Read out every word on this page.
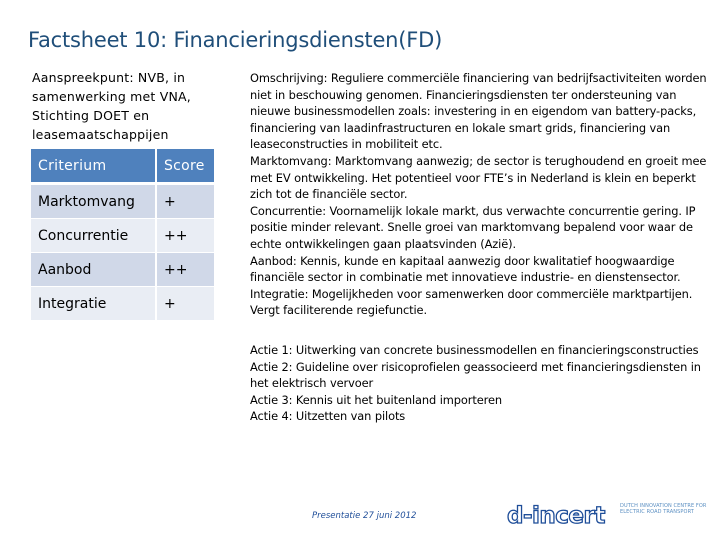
Factsheet 10: Financieringsdiensten(FD)
Aanspreekpunt: NVB, in samenwerking met VNA, Stichting DOET en leasemaatschappijen
Criterium	Score
Marktomvang	+
Concurrentie	++
Aanbod	++
Integratie	+
Omschrijving: Reguliere commerciële financiering van bedrijfsactiviteiten worden niet in beschouwing genomen. Financieringsdiensten ter ondersteuning van nieuwe businessmodellen zoals: investering in en eigendom van battery-packs, financiering van laadinfrastructuren en lokale smart grids, financiering van leaseconstructies in mobiliteit etc.
Marktomvang: Marktomvang aanwezig; de sector is terughoudend en groeit mee met EV ontwikkeling. Het potentieel voor FTE’s in Nederland is klein en beperkt zich tot de financiële sector.
Concurrentie: Voornamelijk lokale markt, dus verwachte concurrentie gering. IP positie minder relevant. Snelle groei van marktomvang bepalend voor waar de echte ontwikkelingen gaan plaatsvinden (Azië).
Aanbod: Kennis, kunde en kapitaal aanwezig door kwalitatief hoogwaardige financiële sector in combinatie met innovatieve industrie- en dienstensector.
Integratie: Mogelijkheden voor samenwerken door commerciële marktpartijen. Vergt faciliterende regiefunctie.
Actie 1: Uitwerking van concrete businessmodellen en financieringsconstructies
Actie 2: Guideline over risicoprofielen geassocieerd met financieringsdiensten in het elektrisch vervoer
Actie 3: Kennis uit het buitenland importeren
Actie 4: Uitzetten van pilots
Presentatie 27 juni 2012	d-incert	DUTCH INNOVATION CENTRE FOR ELECTRIC ROAD TRANSPORT
